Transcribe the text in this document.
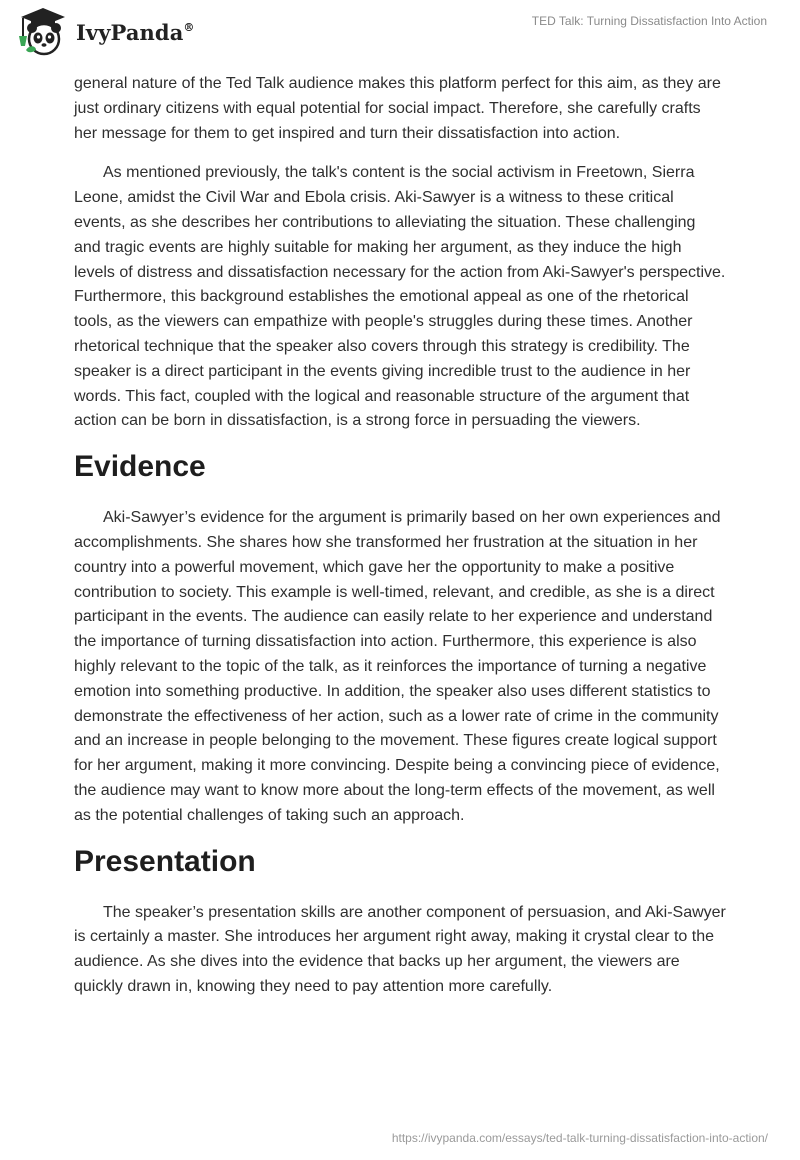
IvyPanda®	TED Talk: Turning Dissatisfaction Into Action

general nature of the Ted Talk audience makes this platform perfect for this aim, as they are just ordinary citizens with equal potential for social impact. Therefore, she carefully crafts her message for them to get inspired and turn their dissatisfaction into action.

As mentioned previously, the talk's content is the social activism in Freetown, Sierra Leone, amidst the Civil War and Ebola crisis. Aki-Sawyer is a witness to these critical events, as she describes her contributions to alleviating the situation. These challenging and tragic events are highly suitable for making her argument, as they induce the high levels of distress and dissatisfaction necessary for the action from Aki-Sawyer's perspective. Furthermore, this background establishes the emotional appeal as one of the rhetorical tools, as the viewers can empathize with people's struggles during these times. Another rhetorical technique that the speaker also covers through this strategy is credibility. The speaker is a direct participant in the events giving incredible trust to the audience in her words. This fact, coupled with the logical and reasonable structure of the argument that action can be born in dissatisfaction, is a strong force in persuading the viewers.

Evidence

Aki-Sawyer’s evidence for the argument is primarily based on her own experiences and accomplishments. She shares how she transformed her frustration at the situation in her country into a powerful movement, which gave her the opportunity to make a positive contribution to society. This example is well-timed, relevant, and credible, as she is a direct participant in the events. The audience can easily relate to her experience and understand the importance of turning dissatisfaction into action. Furthermore, this experience is also highly relevant to the topic of the talk, as it reinforces the importance of turning a negative emotion into something productive. In addition, the speaker also uses different statistics to demonstrate the effectiveness of her action, such as a lower rate of crime in the community and an increase in people belonging to the movement. These figures create logical support for her argument, making it more convincing. Despite being a convincing piece of evidence, the audience may want to know more about the long-term effects of the movement, as well as the potential challenges of taking such an approach.

Presentation

The speaker’s presentation skills are another component of persuasion, and Aki-Sawyer is certainly a master. She introduces her argument right away, making it crystal clear to the audience. As she dives into the evidence that backs up her argument, the viewers are quickly drawn in, knowing they need to pay attention more carefully.

https://ivypanda.com/essays/ted-talk-turning-dissatisfaction-into-action/
